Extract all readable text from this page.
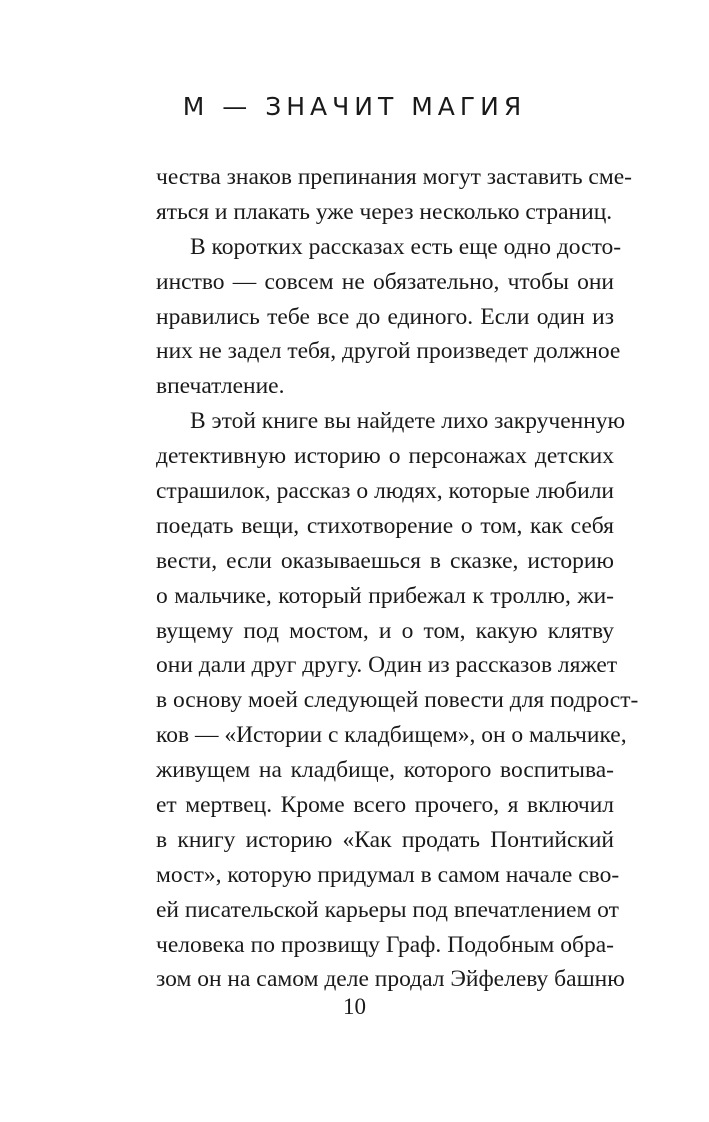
М — ЗНАЧИТ МАГИЯ
чества знаков препинания могут заставить сме-
яться и плакать уже через несколько страниц.
В коротких рассказах есть еще одно досто-
инство — совсем не обязательно, чтобы они
нравились тебе все до единого. Если один из
них не задел тебя, другой произведет должное
впечатление.
В этой книге вы найдете лихо закрученную
детективную историю о персонажах детских
страшилок, рассказ о людях, которые любили
поедать вещи, стихотворение о том, как себя
вести, если оказываешься в сказке, историю
о мальчике, который прибежал к троллю, жи-
вущему под мостом, и о том, какую клятву
они дали друг другу. Один из рассказов ляжет
в основу моей следующей повести для подрост-
ков — «Истории с кладбищем», он о мальчике,
живущем на кладбище, которого воспитыва-
ет мертвец. Кроме всего прочего, я включил
в книгу историю «Как продать Понтийский
мост», которую придумал в самом начале сво-
ей писательской карьеры под впечатлением от
человека по прозвищу Граф. Подобным обра-
зом он на самом деле продал Эйфелеву башню
10
